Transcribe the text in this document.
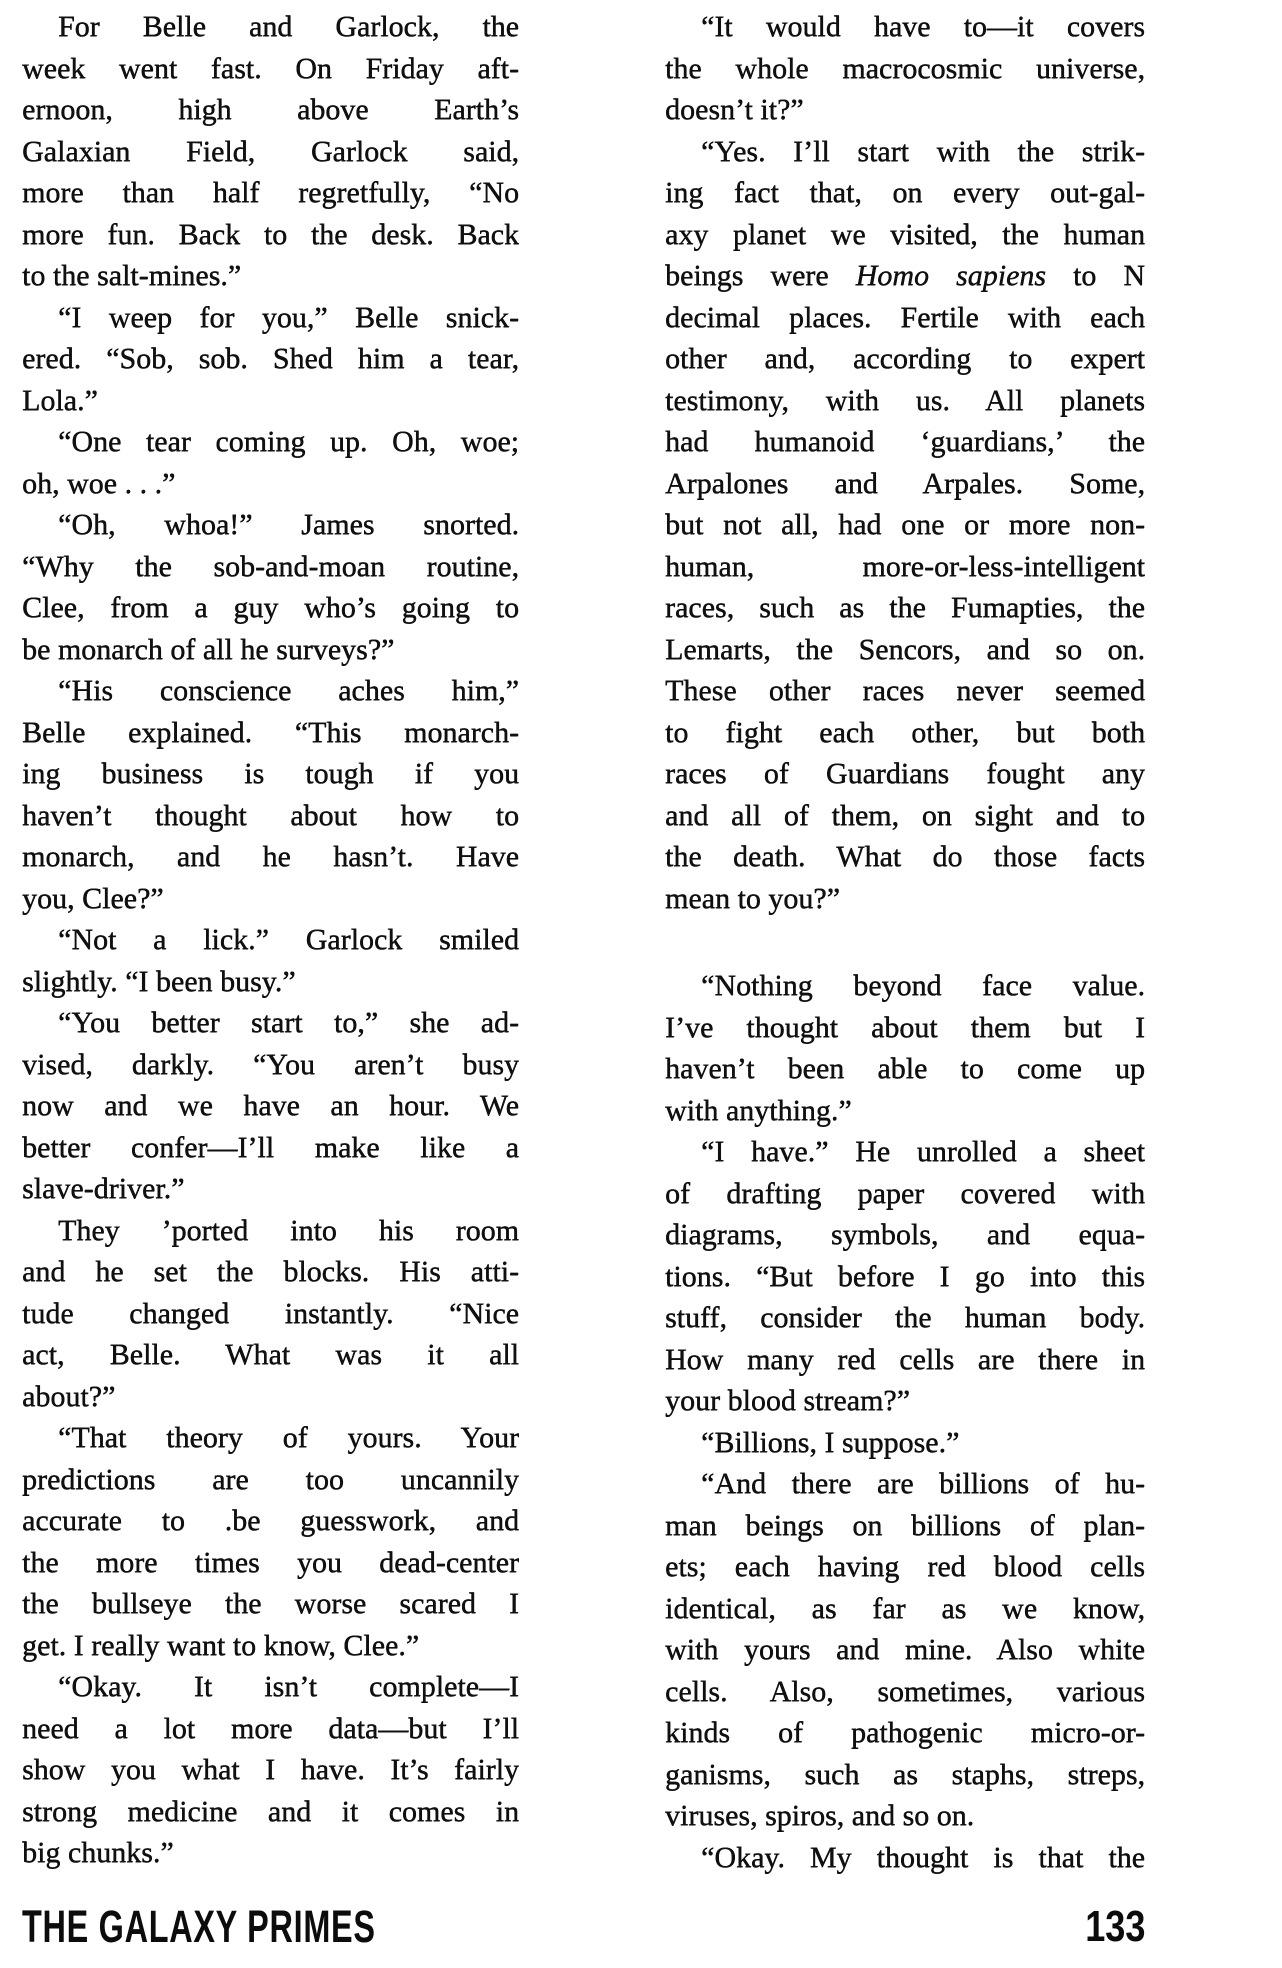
For Belle and Garlock, the
week went fast. On Friday aft-
ernoon, high above Earth’s
Galaxian Field, Garlock said,
more than half regretfully, “No
more fun. Back to the desk. Back
to the salt-mines.”
“I weep for you,” Belle snick-
ered. “Sob, sob. Shed him a tear,
Lola.”
“One tear coming up. Oh, woe;
oh, woe . . .”
“Oh, whoa!” James snorted.
“Why the sob-and-moan routine,
Clee, from a guy who’s going to
be monarch of all he surveys?”
“His conscience aches him,”
Belle explained. “This monarch-
ing business is tough if you
haven’t thought about how to
monarch, and he hasn’t. Have
you, Clee?”
“Not a lick.” Garlock smiled
slightly. “I been busy.”
“You better start to,” she ad-
vised, darkly. “You aren’t busy
now and we have an hour. We
better confer—I’ll make like a
slave-driver.”
They ’ported into his room
and he set the blocks. His atti-
tude changed instantly. “Nice
act, Belle. What was it all
about?”
“That theory of yours. Your
predictions are too uncannily
accurate to .be guesswork, and
the more times you dead-center
the bullseye the worse scared I
get. I really want to know, Clee.”
“Okay. It isn’t complete—I
need a lot more data—but I’ll
show you what I have. It’s fairly
strong medicine and it comes in
big chunks.”
“It would have to—it covers
the whole macrocosmic universe,
doesn’t it?”
“Yes. I’ll start with the strik-
ing fact that, on every out-gal-
axy planet we visited, the human
beings were Homo sapiens to N
decimal places. Fertile with each
other and, according to expert
testimony, with us. All planets
had humanoid ‘guardians,’ the
Arpalones and Arpales. Some,
but not all, had one or more non-
human, more-or-less-intelligent
races, such as the Fumapties, the
Lemarts, the Sencors, and so on.
These other races never seemed
to fight each other, but both
races of Guardians fought any
and all of them, on sight and to
the death. What do those facts
mean to you?”
“Nothing beyond face value.
I’ve thought about them but I
haven’t been able to come up
with anything.”
“I have.” He unrolled a sheet
of drafting paper covered with
diagrams, symbols, and equa-
tions. “But before I go into this
stuff, consider the human body.
How many red cells are there in
your blood stream?”
“Billions, I suppose.”
“And there are billions of hu-
man beings on billions of plan-
ets; each having red blood cells
identical, as far as we know,
with yours and mine. Also white
cells. Also, sometimes, various
kinds of pathogenic micro-or-
ganisms, such as staphs, streps,
viruses, spiros, and so on.
“Okay. My thought is that the
THE GALAXY PRIMES	133
